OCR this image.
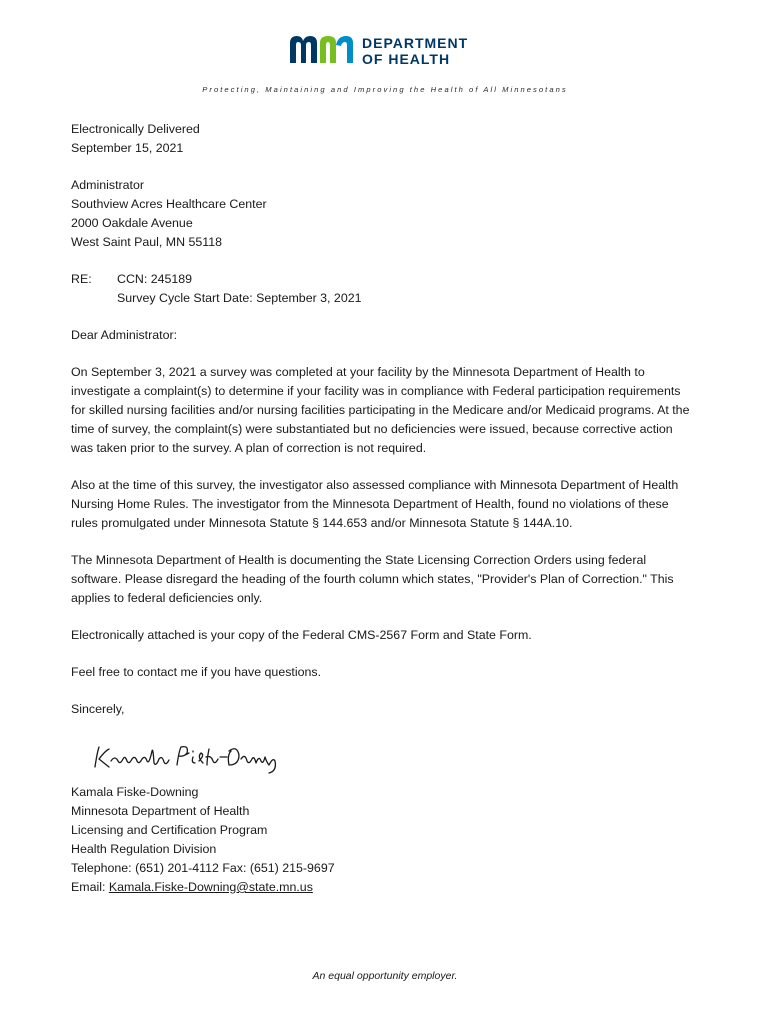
DEPARTMENT
OF HEALTH
Protecting, Maintaining and Improving the Health of All Minnesotans

Electronically Delivered

September 15, 2021

Administrator

Southview Acres Healthcare Center

2000 Oakdale Avenue

West Saint Paul, MN 55118

RE:	CCN: 245189

Survey Cycle Start Date: September 3, 2021

Dear Administrator:

On September 3, 2021 a survey was completed at your facility by the Minnesota Department of Health to investigate a complaint(s) to determine if your facility was in compliance with Federal participation requirements for skilled nursing facilities and/or nursing facilities participating in the Medicare and/or Medicaid programs. At the time of survey, the complaint(s) were substantiated but no deficiencies were issued, because corrective action was taken prior to the survey. A plan of correction is not required.

Also at the time of this survey, the investigator also assessed compliance with Minnesota Department of Health Nursing Home Rules. The investigator from the Minnesota Department of Health, found no violations of these rules promulgated under Minnesota Statute § 144.653 and/or Minnesota Statute § 144A.10.

The Minnesota Department of Health is documenting the State Licensing Correction Orders using federal software. Please disregard the heading of the fourth column which states, "Provider's Plan of Correction." This applies to federal deficiencies only.

Electronically attached is your copy of the Federal CMS-2567 Form and State Form.

Feel free to contact me if you have questions.

Sincerely,

Kamala Fiske-Downing

Minnesota Department of Health

Licensing and Certification Program

Health Regulation Division

Telephone: (651) 201-4112 Fax: (651) 215-9697

Email: Kamala.Fiske-Downing@state.mn.us

An equal opportunity employer.
